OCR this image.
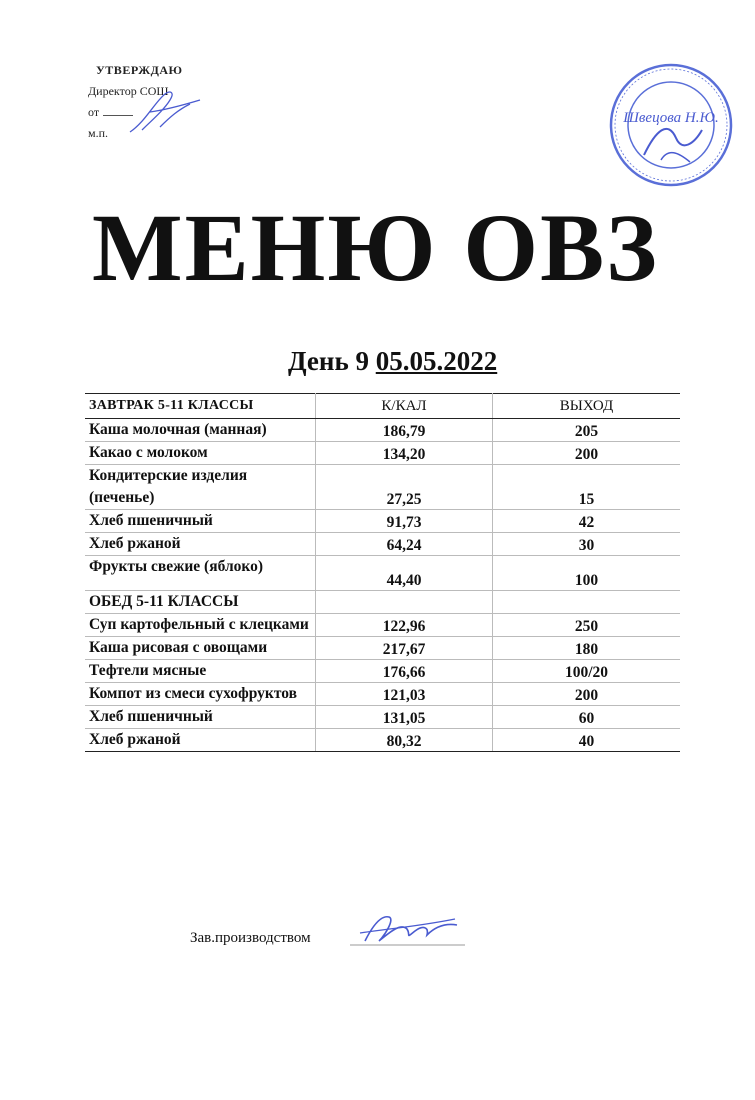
УТВЕРЖДАЮ
Директор СОШ
от
м.п.
Швецова Н.Ю.
МЕНЮ ОВЗ
День 9 05.05.2022
ЗАВТРАК 5-11 КЛАССЫ	К/КАЛ	ВЫХОД
Каша молочная (манная)	186,79	205
Какао с молоком	134,20	200
Кондитерские изделия (печенье)	27,25	15
Хлеб пшеничный	91,73	42
Хлеб ржаной	64,24	30
Фрукты свежие (яблоко)	44,40	100
ОБЕД 5-11 КЛАССЫ		
Суп картофельный с клецками	122,96	250
Каша рисовая с овощами	217,67	180
Тефтели мясные	176,66	100/20
Компот из смеси сухофруктов	121,03	200
Хлеб пшеничный	131,05	60
Хлеб ржаной	80,32	40
Зав.производством
